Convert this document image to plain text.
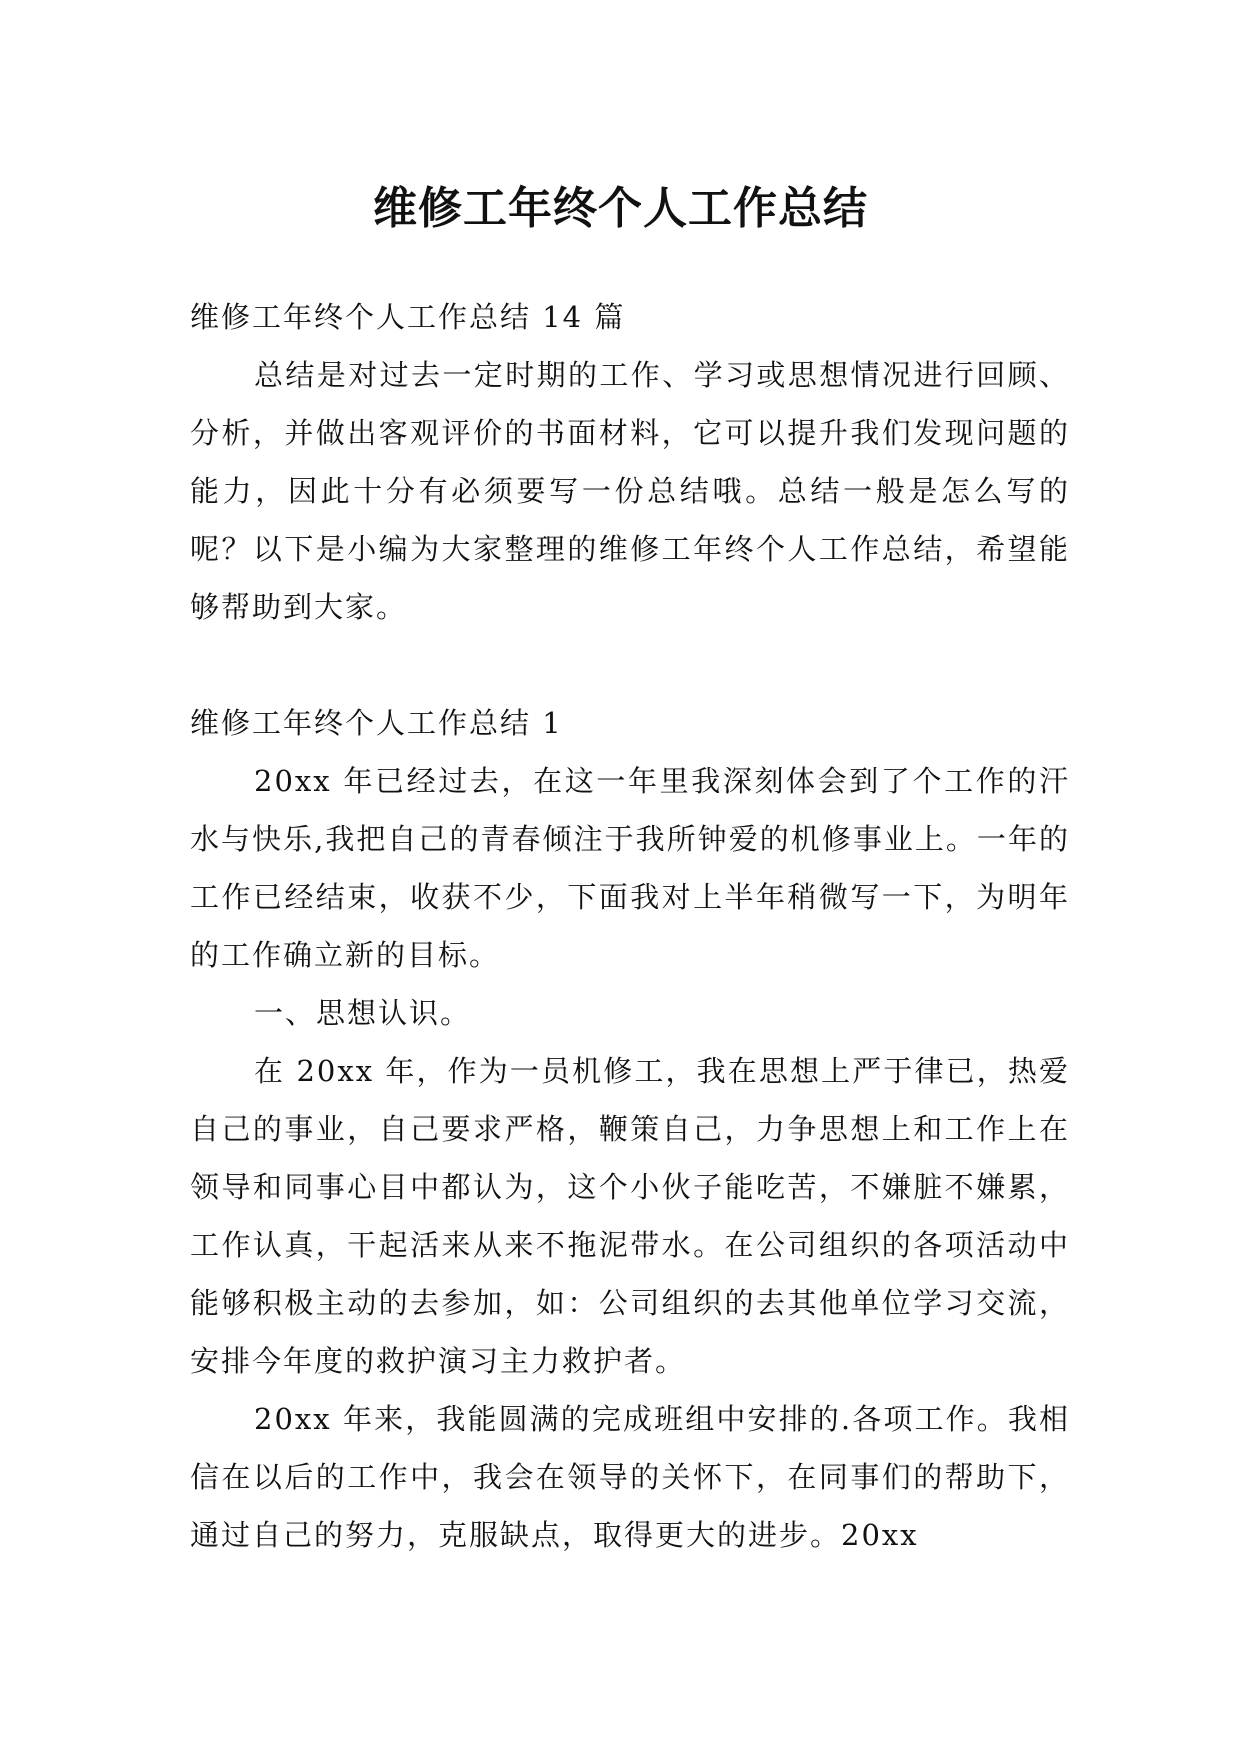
维修工年终个人工作总结

维修工年终个人工作总结 14 篇

总结是对过去一定时期的工作、学习或思想情况进行回顾、分析，并做出客观评价的书面材料，它可以提升我们发现问题的能力，因此十分有必须要写一份总结哦。总结一般是怎么写的呢？以下是小编为大家整理的维修工年终个人工作总结，希望能够帮助到大家。

维修工年终个人工作总结 1

20xx 年已经过去，在这一年里我深刻体会到了个工作的汗水与快乐,我把自己的青春倾注于我所钟爱的机修事业上。一年的工作已经结束，收获不少，下面我对上半年稍微写一下，为明年的工作确立新的目标。

一、思想认识。

在 20xx 年，作为一员机修工，我在思想上严于律已，热爱自己的事业，自己要求严格，鞭策自己，力争思想上和工作上在领导和同事心目中都认为，这个小伙子能吃苦，不嫌脏不嫌累，工作认真，干起活来从来不拖泥带水。在公司组织的各项活动中能够积极主动的去参加，如：公司组织的去其他单位学习交流，安排今年度的救护演习主力救护者。

20xx 年来，我能圆满的完成班组中安排的.各项工作。我相信在以后的工作中，我会在领导的关怀下，在同事们的帮助下，通过自己的努力，克服缺点，取得更大的进步。20xx
